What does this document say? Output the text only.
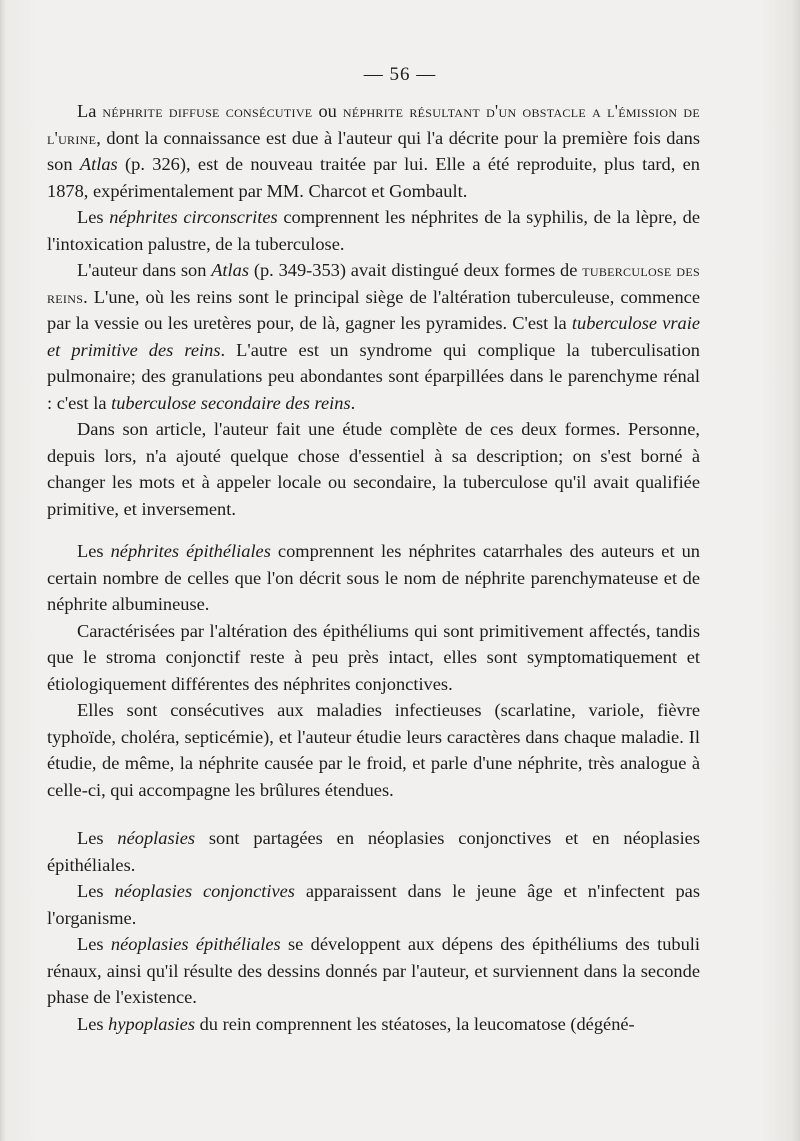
— 56 —

La néphrite diffuse consécutive ou néphrite résultant d'un obstacle a l'émission de l'urine, dont la connaissance est due à l'auteur qui l'a décrite pour la première fois dans son Atlas (p. 326), est de nouveau traitée par lui. Elle a été reproduite, plus tard, en 1878, expérimentalement par MM. Charcot et Gombault.

Les néphrites circonscrites comprennent les néphrites de la syphilis, de la lèpre, de l'intoxication palustre, de la tuberculose.

L'auteur dans son Atlas (p. 349-353) avait distingué deux formes de tuberculose des reins. L'une, où les reins sont le principal siège de l'altération tuberculeuse, commence par la vessie ou les uretères pour, de là, gagner les pyramides. C'est la tuberculose vraie et primitive des reins. L'autre est un syndrome qui complique la tuberculisation pulmonaire; des granulations peu abondantes sont éparpillées dans le parenchyme rénal : c'est la tuberculose secondaire des reins.

Dans son article, l'auteur fait une étude complète de ces deux formes. Personne, depuis lors, n'a ajouté quelque chose d'essentiel à sa description; on s'est borné à changer les mots et à appeler locale ou secondaire, la tuberculose qu'il avait qualifiée primitive, et inversement.

Les néphrites épithéliales comprennent les néphrites catarrhales des auteurs et un certain nombre de celles que l'on décrit sous le nom de néphrite parenchymateuse et de néphrite albumineuse.

Caractérisées par l'altération des épithéliums qui sont primitivement affectés, tandis que le stroma conjonctif reste à peu près intact, elles sont symptomatiquement et étiologiquement différentes des néphrites conjonctives.

Elles sont consécutives aux maladies infectieuses (scarlatine, variole, fièvre typhoïde, choléra, septicémie), et l'auteur étudie leurs caractères dans chaque maladie. Il étudie, de même, la néphrite causée par le froid, et parle d'une néphrite, très analogue à celle-ci, qui accompagne les brûlures étendues.

Les néoplasies sont partagées en néoplasies conjonctives et en néoplasies épithéliales.

Les néoplasies conjonctives apparaissent dans le jeune âge et n'infectent pas l'organisme.

Les néoplasies épithéliales se développent aux dépens des épithéliums des tubuli rénaux, ainsi qu'il résulte des dessins donnés par l'auteur, et surviennent dans la seconde phase de l'existence.

Les hypoplasies du rein comprennent les stéatoses, la leucomatose (dégéné-
